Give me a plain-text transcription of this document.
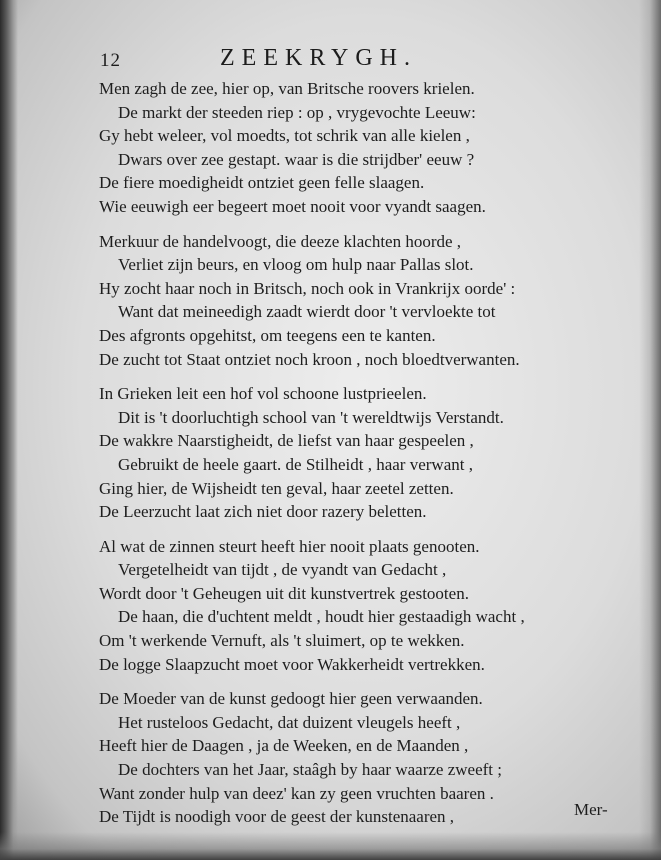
12	ZEEKRYGH.
Men zagh de zee, hier op, van Britsche roovers krielen.
De markt der steeden riep : op , vrygevochte Leeuw:
Gy hebt weleer, vol moedts, tot schrik van alle kielen ,
Dwars over zee gestapt. waar is die strijdber' eeuw ?
De fiere moedigheidt ontziet geen felle slaagen.
Wie eeuwigh eer begeert moet nooit voor vyandt saagen.
Merkuur de handelvoogt, die deeze klachten hoorde ,
Verliet zijn beurs, en vloog om hulp naar Pallas slot.
Hy zocht haar noch in Britsch, noch ook in Vrankrijx oorde' :
Want dat meineedigh zaadt wierdt door 't vervloekte tot
Des afgronts opgehitst, om teegens een te kanten.
De zucht tot Staat ontziet noch kroon , noch bloedtverwanten.
In Grieken leit een hof vol schoone lustprieelen.
Dit is 't doorluchtigh school van 't wereldtwijs Verstandt.
De wakkre Naarstigheidt, de liefst van haar gespeelen ,
Gebruikt de heele gaart. de Stilheidt , haar verwant ,
Ging hier, de Wijsheidt ten geval, haar zeetel zetten.
De Leerzucht laat zich niet door razery beletten.
Al wat de zinnen steurt heeft hier nooit plaats genooten.
Vergetelheidt van tijdt , de vyandt van Gedacht ,
Wordt door 't Geheugen uit dit kunstvertrek gestooten.
De haan, die d'uchtent meldt , houdt hier gestaadigh wacht ,
Om 't werkende Vernuft, als 't sluimert, op te wekken.
De logge Slaapzucht moet voor Wakkerheidt vertrekken.
De Moeder van de kunst gedoogt hier geen verwaanden.
Het rusteloos Gedacht, dat duizent vleugels heeft ,
Heeft hier de Daagen , ja de Weeken, en de Maanden ,
De dochters van het Jaar, staâgh by haar waarze zweeft ;
Want zonder hulp van deez' kan zy geen vruchten baaren .
De Tijdt is noodigh voor de geest der kunstenaaren ,	Mer-
